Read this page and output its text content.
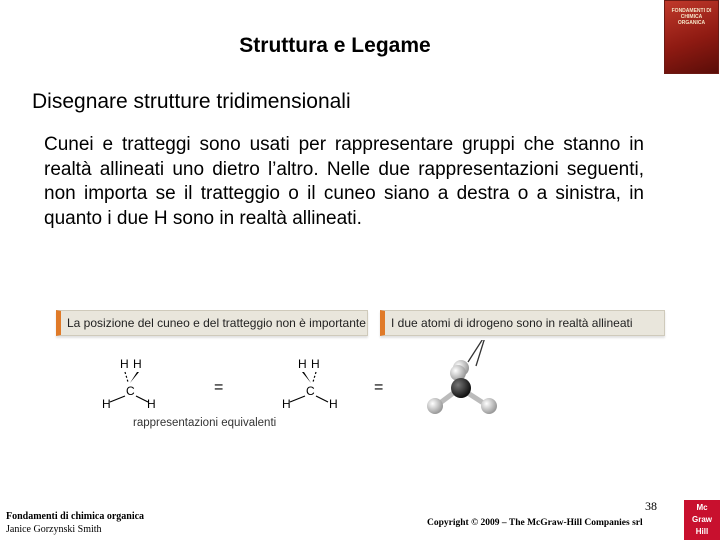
Struttura e Legame
FONDAMENTI DI CHIMICA ORGANICA
Disegnare strutture tridimensionali
Cunei e tratteggi sono usati per rappresentare gruppi che stanno in realtà allineati uno dietro l’altro. Nelle due rappresentazioni seguenti, non importa se il tratteggio o il cuneo siano a destra o a sinistra, in quanto i due H sono in realtà allineati.
La posizione del cuneo e del tratteggio non è importante I due atomi di idrogeno sono in realtà allineati
H H
C
H	H
=
H H
C
H	H
=
rappresentazioni equivalenti
38
Fondamenti di chimica organica
Janice Gorzynski Smith
Copyright © 2009 – The McGraw-Hill Companies srl
Mc
Graw
Hill
